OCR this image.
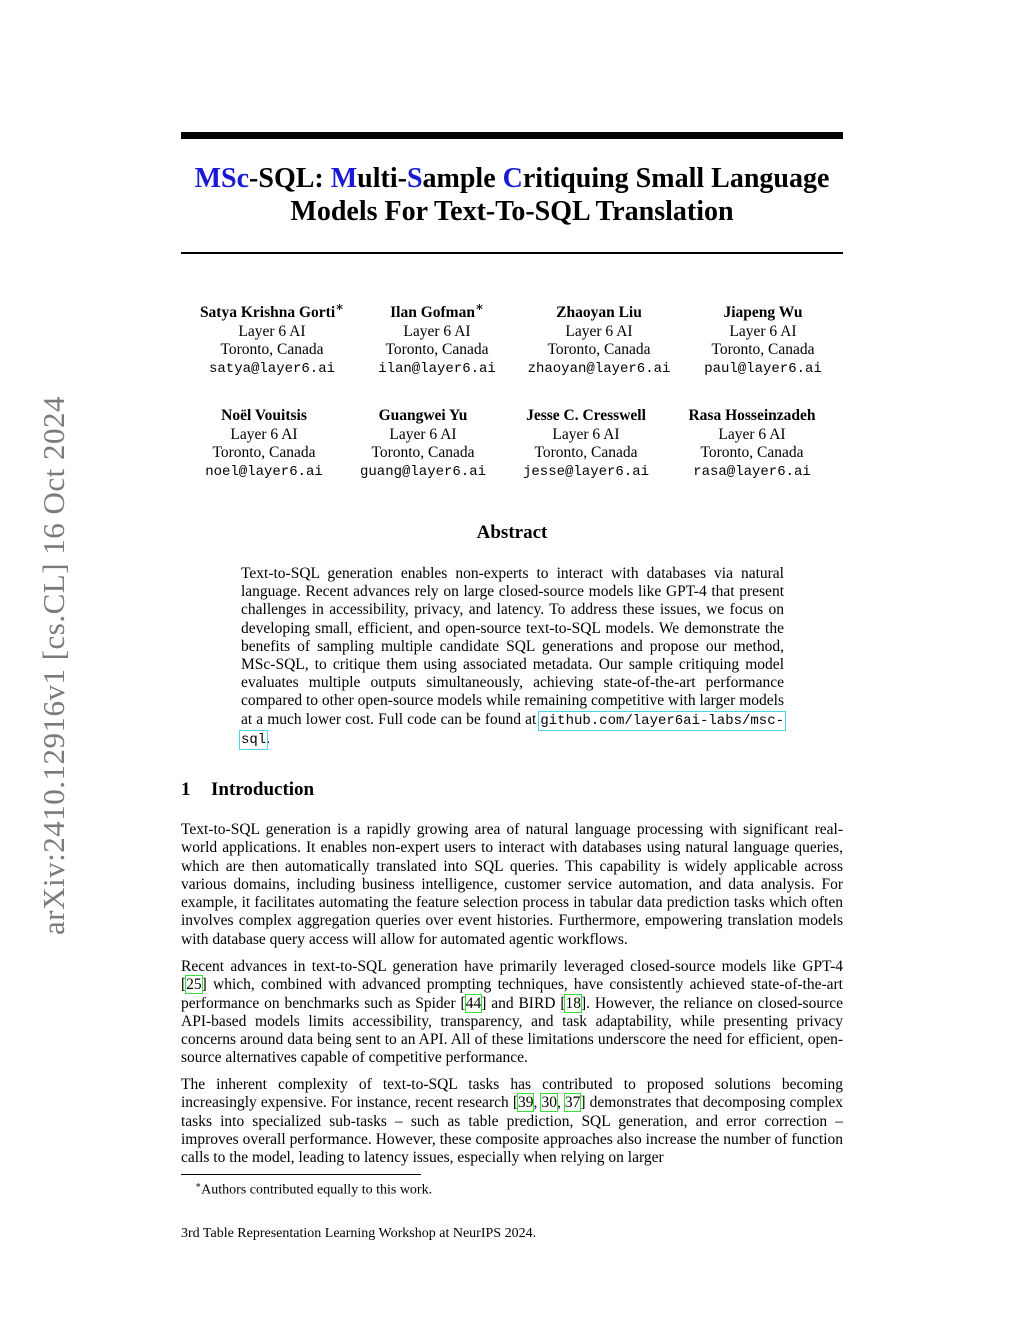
arXiv:2410.12916v1 [cs.CL] 16 Oct 2024
MSc-SQL: Multi-Sample Critiquing Small Language
Models For Text-To-SQL Translation
Satya Krishna Gorti∗
Layer 6 AI
Toronto, Canada
satya@layer6.ai
Ilan Gofman∗
Layer 6 AI
Toronto, Canada
ilan@layer6.ai
Zhaoyan Liu
Layer 6 AI
Toronto, Canada
zhaoyan@layer6.ai
Jiapeng Wu
Layer 6 AI
Toronto, Canada
paul@layer6.ai
Noël Vouitsis
Layer 6 AI
Toronto, Canada
noel@layer6.ai
Guangwei Yu
Layer 6 AI
Toronto, Canada
guang@layer6.ai
Jesse C. Cresswell
Layer 6 AI
Toronto, Canada
jesse@layer6.ai
Rasa Hosseinzadeh
Layer 6 AI
Toronto, Canada
rasa@layer6.ai
Abstract
Text-to-SQL generation enables non-experts to interact with databases via natural language. Recent advances rely on large closed-source models like GPT-4 that present challenges in accessibility, privacy, and latency. To address these issues, we focus on developing small, efficient, and open-source text-to-SQL models. We demonstrate the benefits of sampling multiple candidate SQL generations and propose our method, MSc-SQL, to critique them using associated metadata. Our sample critiquing model evaluates multiple outputs simultaneously, achieving state-of-the-art performance compared to other open-source models while remaining competitive with larger models at a much lower cost. Full code can be found at github.com/layer6ai-labs/msc-sql.
1 Introduction
Text-to-SQL generation is a rapidly growing area of natural language processing with significant real-world applications. It enables non-expert users to interact with databases using natural language queries, which are then automatically translated into SQL queries. This capability is widely applicable across various domains, including business intelligence, customer service automation, and data analysis. For example, it facilitates automating the feature selection process in tabular data prediction tasks which often involves complex aggregation queries over event histories. Furthermore, empowering translation models with database query access will allow for automated agentic workflows.
Recent advances in text-to-SQL generation have primarily leveraged closed-source models like GPT-4 [25] which, combined with advanced prompting techniques, have consistently achieved state-of-the-art performance on benchmarks such as Spider [44] and BIRD [18]. However, the reliance on closed-source API-based models limits accessibility, transparency, and task adaptability, while presenting privacy concerns around data being sent to an API. All of these limitations underscore the need for efficient, open-source alternatives capable of competitive performance.
The inherent complexity of text-to-SQL tasks has contributed to proposed solutions becoming increasingly expensive. For instance, recent research [39, 30, 37] demonstrates that decomposing complex tasks into specialized sub-tasks – such as table prediction, SQL generation, and error correction – improves overall performance. However, these composite approaches also increase the number of function calls to the model, leading to latency issues, especially when relying on larger
∗Authors contributed equally to this work.
3rd Table Representation Learning Workshop at NeurIPS 2024.
